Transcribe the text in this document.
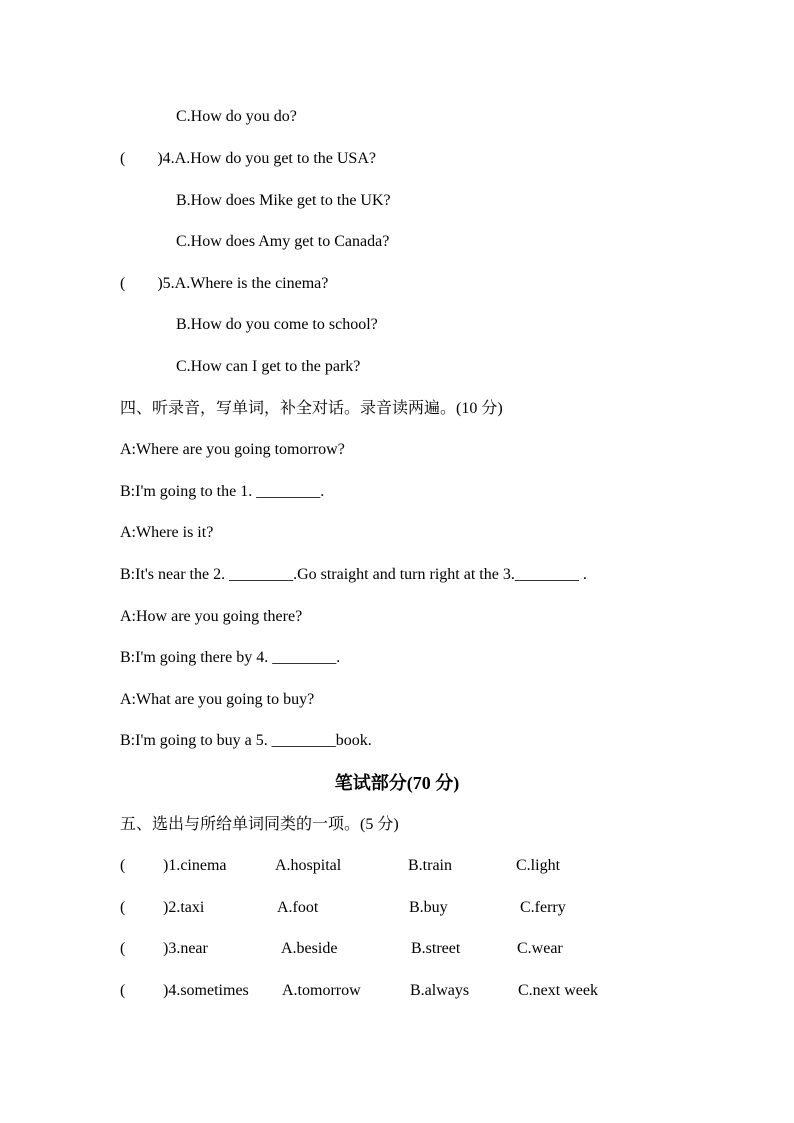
C.How do you do?
(        )4.A.How do you get to the USA?
B.How does Mike get to the UK?
C.How does Amy get to Canada?
(        )5.A.Where is the cinema?
B.How do you come to school?
C.How can I get to the park?
四、听录音，写单词，补全对话。录音读两遍。(10 分)
A:Where are you going tomorrow?
B:I'm going to the 1. ________.
A:Where is it?
B:It's near the 2. ________.Go straight and turn right at the 3.________ .
A:How are you going there?
B:I'm going there by 4. ________.
A:What are you going to buy?
B:I'm going to buy a 5. ________book.
笔试部分(70 分)
五、选出与所给单词同类的一项。(5 分)
( )1.cinema	A.hospital	B.train	C.light
( )2.taxi	A.foot	B.buy	C.ferry
( )3.near	A.beside	B.street	C.wear
( )4.sometimes A.tomorrow	B.always	C.next week
